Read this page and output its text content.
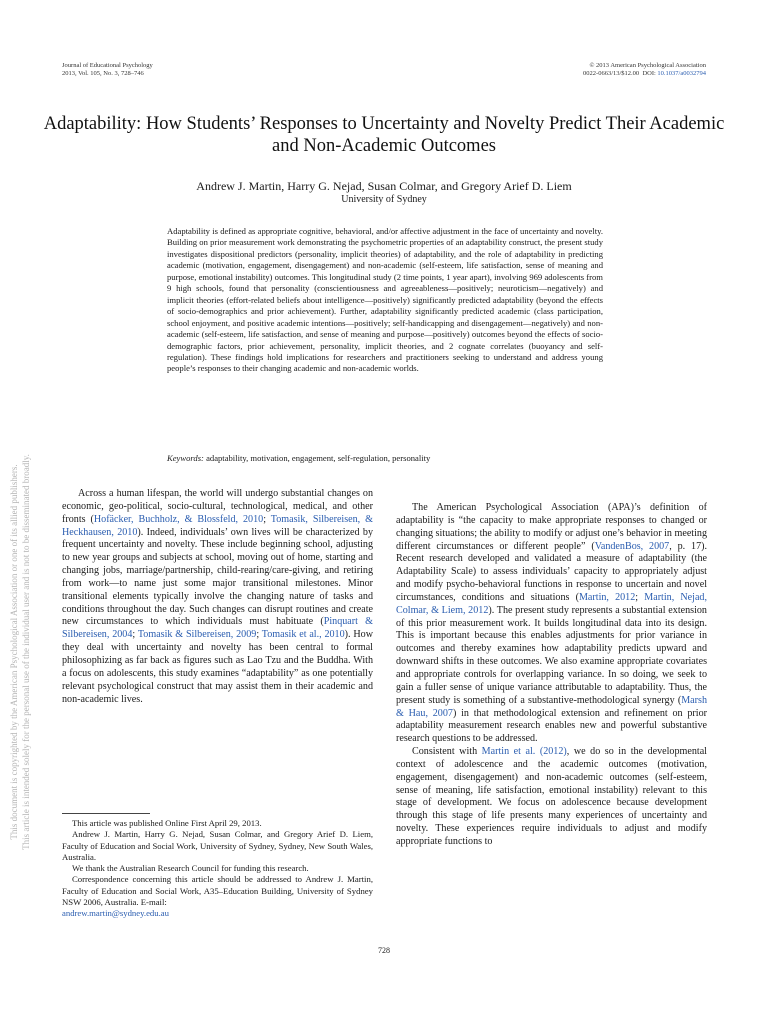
Journal of Educational Psychology
2013, Vol. 105, No. 3, 728–746
© 2013 American Psychological Association
0022-0663/13/$12.00 DOI: 10.1037/a0032794
Adaptability: How Students’ Responses to Uncertainty and Novelty Predict Their Academic and Non-Academic Outcomes
Andrew J. Martin, Harry G. Nejad, Susan Colmar, and Gregory Arief D. Liem
University of Sydney

Adaptability is defined as appropriate cognitive, behavioral, and/or affective adjustment in the face of uncertainty and novelty. Building on prior measurement work demonstrating the psychometric properties of an adaptability construct, the present study investigates dispositional predictors (personality, implicit theories) of adaptability, and the role of adaptability in predicting academic (motivation, engagement, disengagement) and non-academic (self-esteem, life satisfaction, sense of meaning and purpose, emotional instability) outcomes. This longitudinal study (2 time points, 1 year apart), involving 969 adolescents from 9 high schools, found that personality (conscientiousness and agreeableness—positively; neuroticism—negatively) and implicit theories (effort-related beliefs about intelligence—positively) significantly predicted adaptability (beyond the effects of socio-demographics and prior achievement). Further, adaptability significantly predicted academic (class participation, school enjoyment, and positive academic intentions—positively; self-handicapping and disengagement—negatively) and non-academic (self-esteem, life satisfaction, and sense of meaning and purpose—positively) outcomes beyond the effects of socio-demographic factors, prior achievement, personality, implicit theories, and 2 cognate correlates (buoyancy and self-regulation). These findings hold implications for researchers and practitioners seeking to understand and address young people’s responses to their changing academic and non-academic worlds.

Keywords: adaptability, motivation, engagement, self-regulation, personality

This document is copyrighted by the American Psychological Association or one of its allied publishers. This article is intended solely for the personal use of the individual user and is not to be disseminated broadly.	Across a human lifespan, the world will undergo substantial changes on economic, geo-political, socio-cultural, technological, medical, and other fronts (Hofäcker, Buchholz, & Blossfeld, 2010; Tomasik, Silbereisen, & Heckhausen, 2010). Indeed, individuals’ own lives will be characterized by frequent uncertainty and novelty. These include beginning school, adjusting to new year groups and subjects at school, moving out of home, starting and changing jobs, marriage/partnership, child-rearing/care-giving, and retiring from work—to name just some major transitional milestones. Minor transitional elements typically involve the changing nature of tasks and conditions throughout the day. Such changes can disrupt routines and create new circumstances to which individuals must habituate (Pinquart & Silbereisen, 2004; Tomasik & Silbereisen, 2009; Tomasik et al., 2010). How they deal with uncertainty and novelty has been central to formal philosophizing as far back as figures such as Lao Tzu and the Buddha. With a focus on adolescents, this study examines “adaptability” as one potentially relevant psychological construct that may assist them in their academic and non-academic lives.

This article was published Online First April 29, 2013.

Andrew J. Martin, Harry G. Nejad, Susan Colmar, and Gregory Arief D. Liem, Faculty of Education and Social Work, University of Sydney, Sydney, New South Wales, Australia.

We thank the Australian Research Council for funding this research.

Correspondence concerning this article should be addressed to Andrew J. Martin, Faculty of Education and Social Work, A35–Education Building, University of Sydney NSW 2006, Australia. E-mail:

andrew.martin@sydney.edu.au

The American Psychological Association (APA)’s definition of adaptability is “the capacity to make appropriate responses to changed or changing situations; the ability to modify or adjust one’s behavior in meeting different circumstances or different people” (VandenBos, 2007, p. 17). Recent research developed and validated a measure of adaptability (the Adaptability Scale) to assess individuals’ capacity to appropriately adjust and modify psycho-behavioral functions in response to uncertain and novel circumstances, conditions and situations (Martin, 2012; Martin, Nejad, Colmar, & Liem, 2012). The present study represents a substantial extension of this prior measurement work. It builds longitudinal data into its design. This is important because this enables adjustments for prior variance in outcomes and thereby examines how adaptability predicts upward and downward shifts in these outcomes. We also examine appropriate covariates and appropriate controls for overlapping variance. In so doing, we seek to gain a fuller sense of unique variance attributable to adaptability. Thus, the present study is something of a substantive-methodological synergy (Marsh & Hau, 2007) in that methodological extension and refinement on prior adaptability measurement research enables new and powerful substantive research questions to be addressed.

Consistent with Martin et al. (2012), we do so in the developmental context of adolescence and the academic outcomes (motivation, engagement, disengagement) and non-academic outcomes (self-esteem, sense of meaning, life satisfaction, emotional instability) relevant to this stage of development. We focus on adolescence because development through this stage of life presents many experiences of uncertainty and novelty. These experiences require individuals to adjust and modify appropriate functions to

728
